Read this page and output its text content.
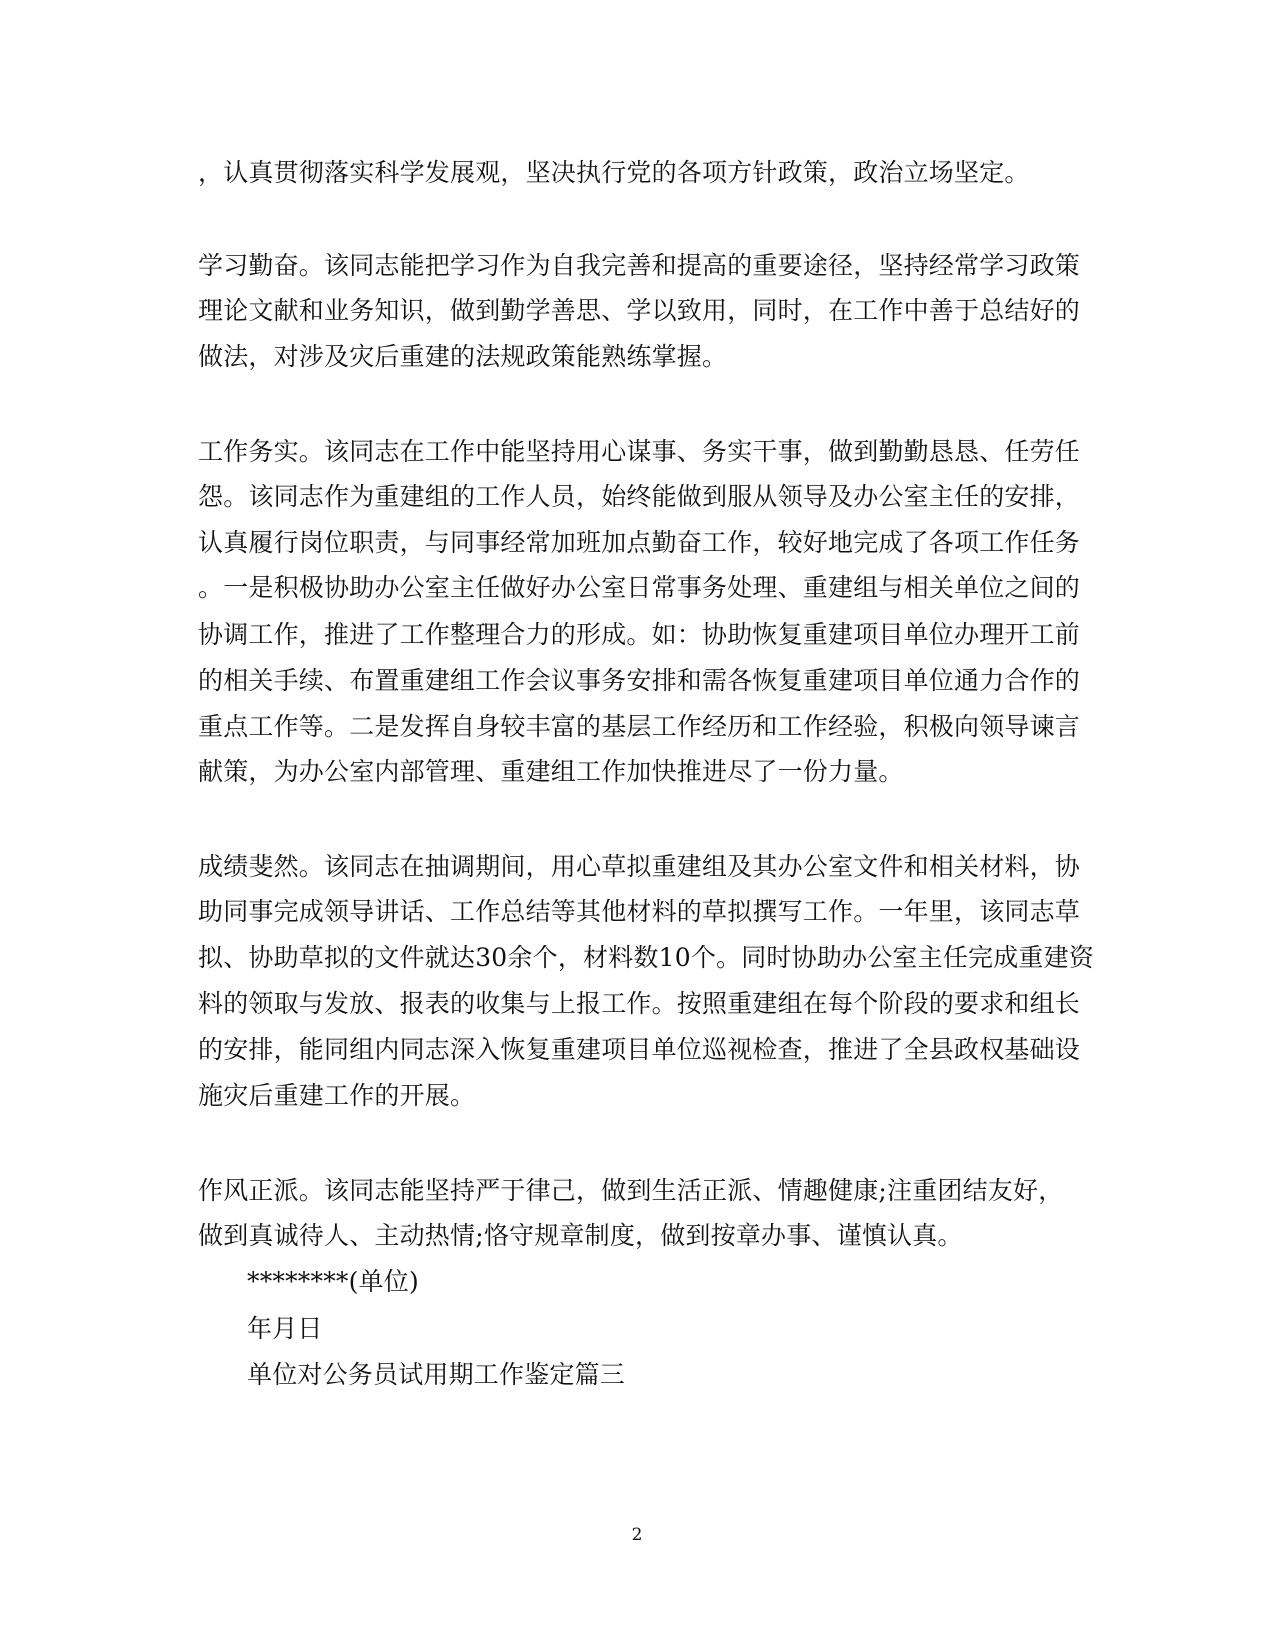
，认真贯彻落实科学发展观，坚决执行党的各项方针政策，政治立场坚定。
学习勤奋。该同志能把学习作为自我完善和提高的重要途径，坚持经常学习政策
理论文献和业务知识，做到勤学善思、学以致用，同时，在工作中善于总结好的
做法，对涉及灾后重建的法规政策能熟练掌握。
工作务实。该同志在工作中能坚持用心谋事、务实干事，做到勤勤恳恳、任劳任
怨。该同志作为重建组的工作人员，始终能做到服从领导及办公室主任的安排，
认真履行岗位职责，与同事经常加班加点勤奋工作，较好地完成了各项工作任务
。一是积极协助办公室主任做好办公室日常事务处理、重建组与相关单位之间的
协调工作，推进了工作整理合力的形成。如：协助恢复重建项目单位办理开工前
的相关手续、布置重建组工作会议事务安排和需各恢复重建项目单位通力合作的
重点工作等。二是发挥自身较丰富的基层工作经历和工作经验，积极向领导谏言
献策，为办公室内部管理、重建组工作加快推进尽了一份力量。
成绩斐然。该同志在抽调期间，用心草拟重建组及其办公室文件和相关材料，协
助同事完成领导讲话、工作总结等其他材料的草拟撰写工作。一年里，该同志草
拟、协助草拟的文件就达30余个，材料数10个。同时协助办公室主任完成重建资
料的领取与发放、报表的收集与上报工作。按照重建组在每个阶段的要求和组长
的安排，能同组内同志深入恢复重建项目单位巡视检查，推进了全县政权基础设
施灾后重建工作的开展。
作风正派。该同志能坚持严于律己，做到生活正派、情趣健康;注重团结友好，
做到真诚待人、主动热情;恪守规章制度，做到按章办事、谨慎认真。
********(单位)
年月日
单位对公务员试用期工作鉴定篇三
2
